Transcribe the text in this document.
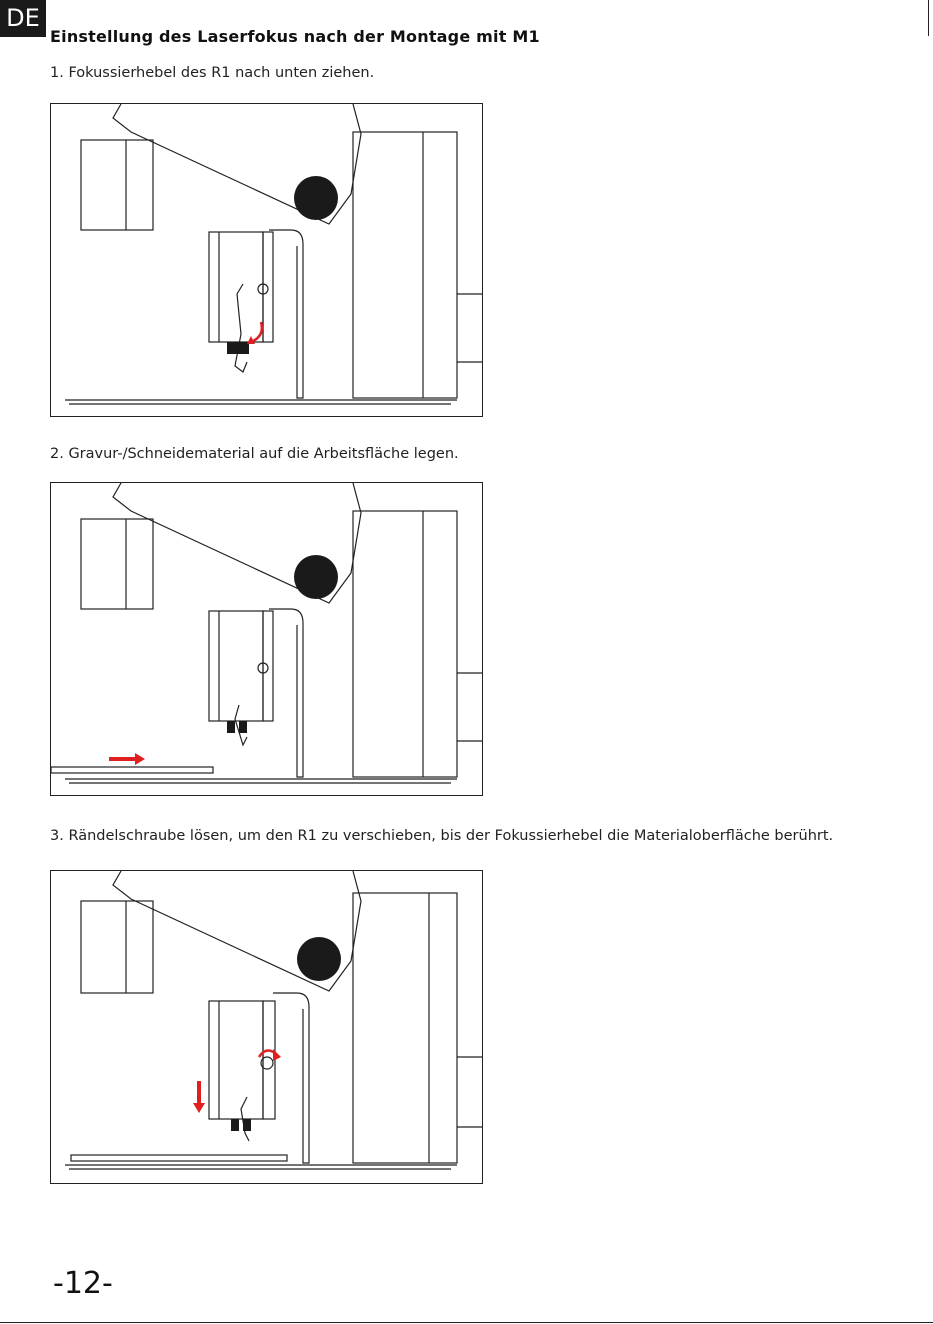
DE
Einstellung des Laserfokus nach der Montage mit M1
1. Fokussierhebel des R1 nach unten ziehen.
2. Gravur-/Schneidematerial auf die Arbeitsfläche legen.
3. Rändelschraube lösen, um den R1 zu verschieben, bis der Fokussierhebel die Materialoberfläche berührt.
-12-
